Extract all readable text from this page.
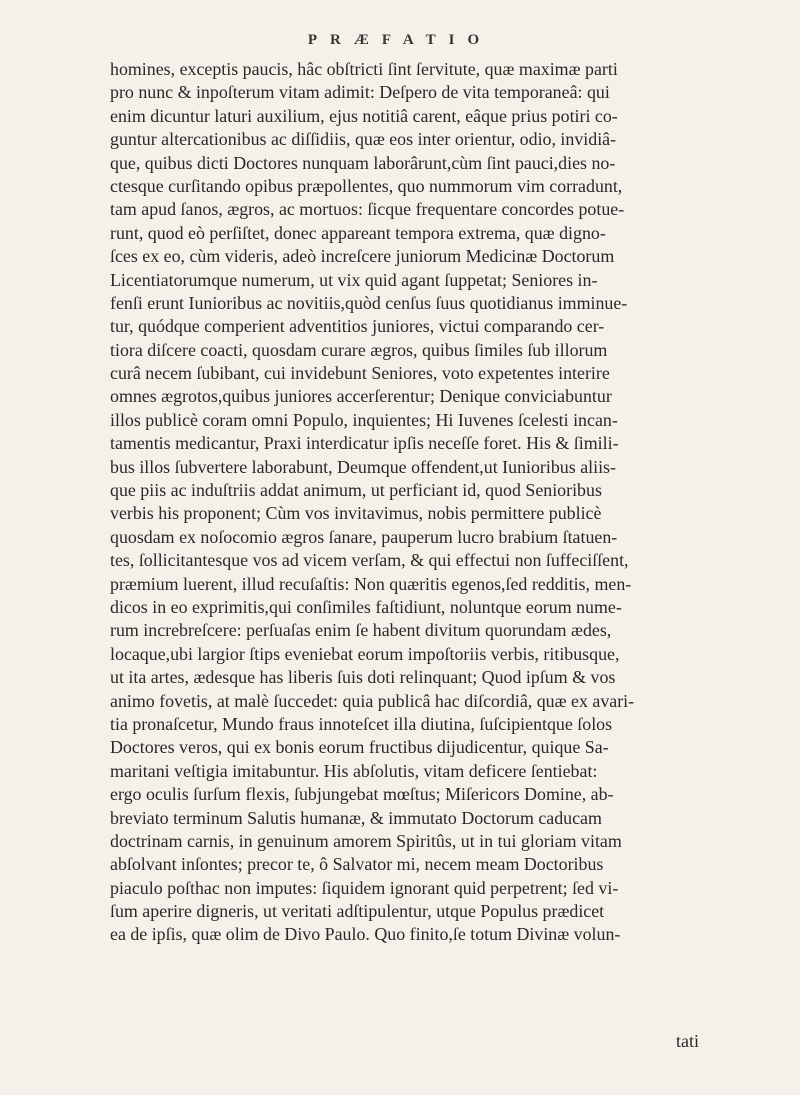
PRÆFATIO
homines, exceptis paucis, hâc obſtricti ſint ſervitute, quæ maximæ parti
pro nunc & inpoſterum vitam adimit: Deſpero de vita temporaneâ: qui
enim dicuntur laturi auxilium, ejus notitiâ carent, eâque prius potiri co-
guntur altercationibus ac diſſidiis, quæ eos inter orientur, odio, invidiâ-
que, quibus dicti Doctores nunquam laborârunt,cùm ſint pauci,dies no-
ctesque curſitando opibus præpollentes, quo nummorum vim corradunt,
tam apud ſanos, ægros, ac mortuos: ſicque frequentare concordes potue-
runt, quod eò perſiſtet, donec appareant tempora extrema, quæ digno-
ſces ex eo, cùm videris, adeò increſcere juniorum Medicinæ Doctorum
Licentiatorumque numerum, ut vix quid agant ſuppetat; Seniores in-
fenſi erunt Iunioribus ac novitiis,quòd cenſus ſuus quotidianus imminue-
tur, quódque comperient adventitios juniores, victui comparando cer-
tiora diſcere coacti, quosdam curare ægros, quibus ſimiles ſub illorum
curâ necem ſubibant, cui invidebunt Seniores, voto expetentes interire
omnes ægrotos,quibus juniores accerſerentur; Denique conviciabuntur
illos publicè coram omni Populo, inquientes; Hi Iuvenes ſcelesti incan-
tamentis medicantur, Praxi interdicatur ipſis neceſſe foret. His & ſimili-
bus illos ſubvertere laborabunt, Deumque offendent,ut Iunioribus aliis-
que piis ac induſtriis addat animum, ut perficiant id, quod Senioribus
verbis his proponent; Cùm vos invitavimus, nobis permittere publicè
quosdam ex noſocomio ægros ſanare, pauperum lucro brabium ſtatuen-
tes, ſollicitantesque vos ad vicem verſam, & qui effectui non ſuffeciſſent,
præmium luerent, illud recuſaſtis: Non quæritis egenos,ſed redditis, men-
dicos in eo exprimitis,qui conſimiles faſtidiunt, noluntque eorum nume-
rum increbreſcere: perſuaſas enim ſe habent divitum quorundam ædes,
locaque,ubi largior ſtips eveniebat eorum impoſtoriis verbis, ritibusque,
ut ita artes, ædesque has liberis ſuis doti relinquant; Quod ipſum & vos
animo fovetis, at malè ſuccedet: quia publicâ hac diſcordiâ, quæ ex avari-
tia pronaſcetur, Mundo fraus innoteſcet illa diutina, ſuſcipientque ſolos
Doctores veros, qui ex bonis eorum fructibus dijudicentur, quique Sa-
maritani veſtigia imitabuntur. His abſolutis, vitam deficere ſentiebat:
ergo oculis ſurſum flexis, ſubjungebat mœſtus; Miſericors Domine, ab-
breviato terminum Salutis humanæ, & immutato Doctorum caducam
doctrinam carnis, in genuinum amorem Spiritûs, ut in tui gloriam vitam
abſolvant inſontes; precor te, ô Salvator mi, necem meam Doctoribus
piaculo poſthac non imputes: ſiquidem ignorant quid perpetrent; ſed vi-
ſum aperire digneris, ut veritati adſtipulentur, utque Populus prædicet
ea de ipſis, quæ olim de Divo Paulo. Quo finito,ſe totum Divinæ volun-
tati
